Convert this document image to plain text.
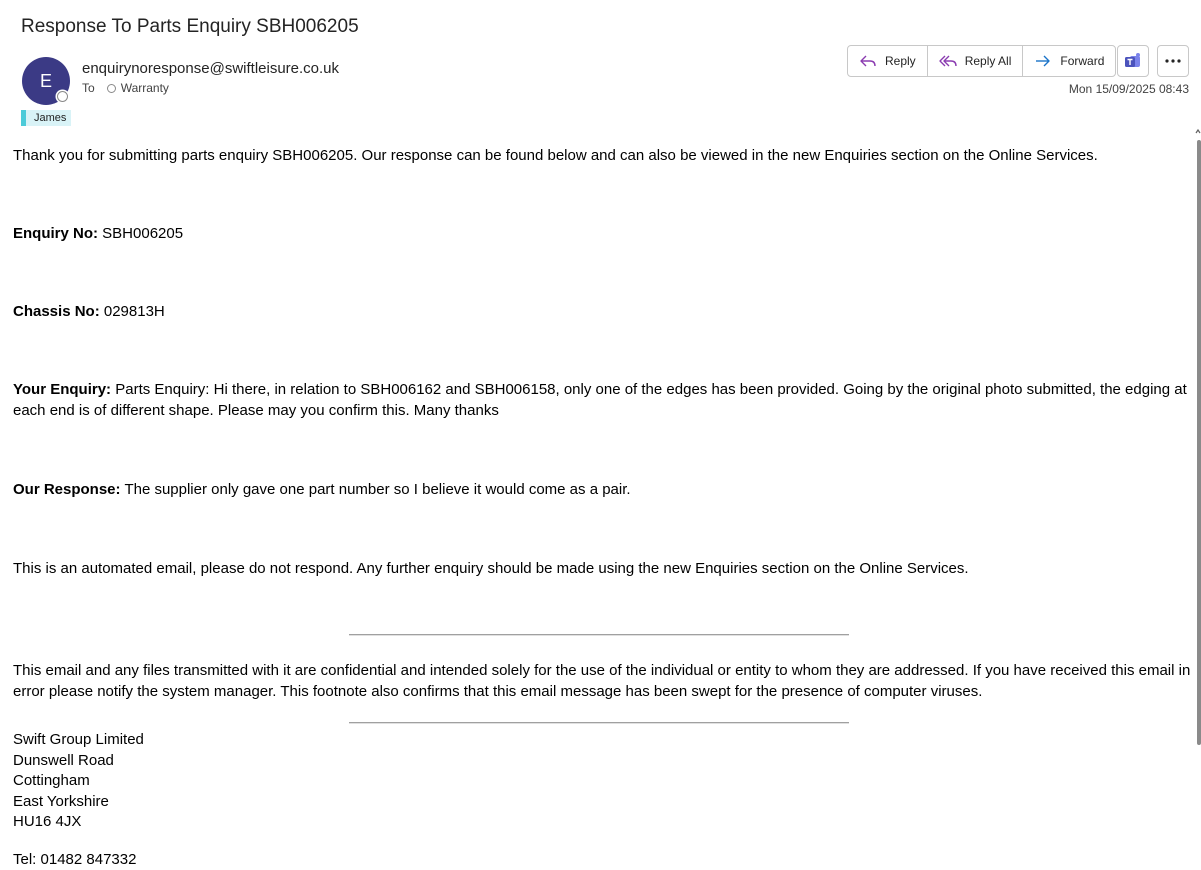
Response To Parts Enquiry SBH006205
E
enquirynoresponse@swiftleisure.co.uk
To Warranty
James
Reply	Reply All	Forward
Mon 15/09/2025 08:43

Thank you for submitting parts enquiry SBH006205. Our response can be found below and can also be viewed in the new Enquiries section on the Online Services.

Enquiry No: SBH006205

Chassis No: 029813H

Your Enquiry: Parts Enquiry: Hi there, in relation to SBH006162 and SBH006158, only one of the edges has been provided. Going by the original photo submitted, the edging at each end is of different shape. Please may you confirm this. Many thanks

Our Response: The supplier only gave one part number so I believe it would come as a pair.

This is an automated email, please do not respond. Any further enquiry should be made using the new Enquiries section on the Online Services.

This email and any files transmitted with it are confidential and intended solely for the use of the individual or entity to whom they are addressed. If you have received this email in error please notify the system manager. This footnote also confirms that this email message has been swept for the presence of computer viruses.

Swift Group Limited
Dunswell Road
Cottingham
East Yorkshire
HU16 4JX
Tel: 01482 847332
